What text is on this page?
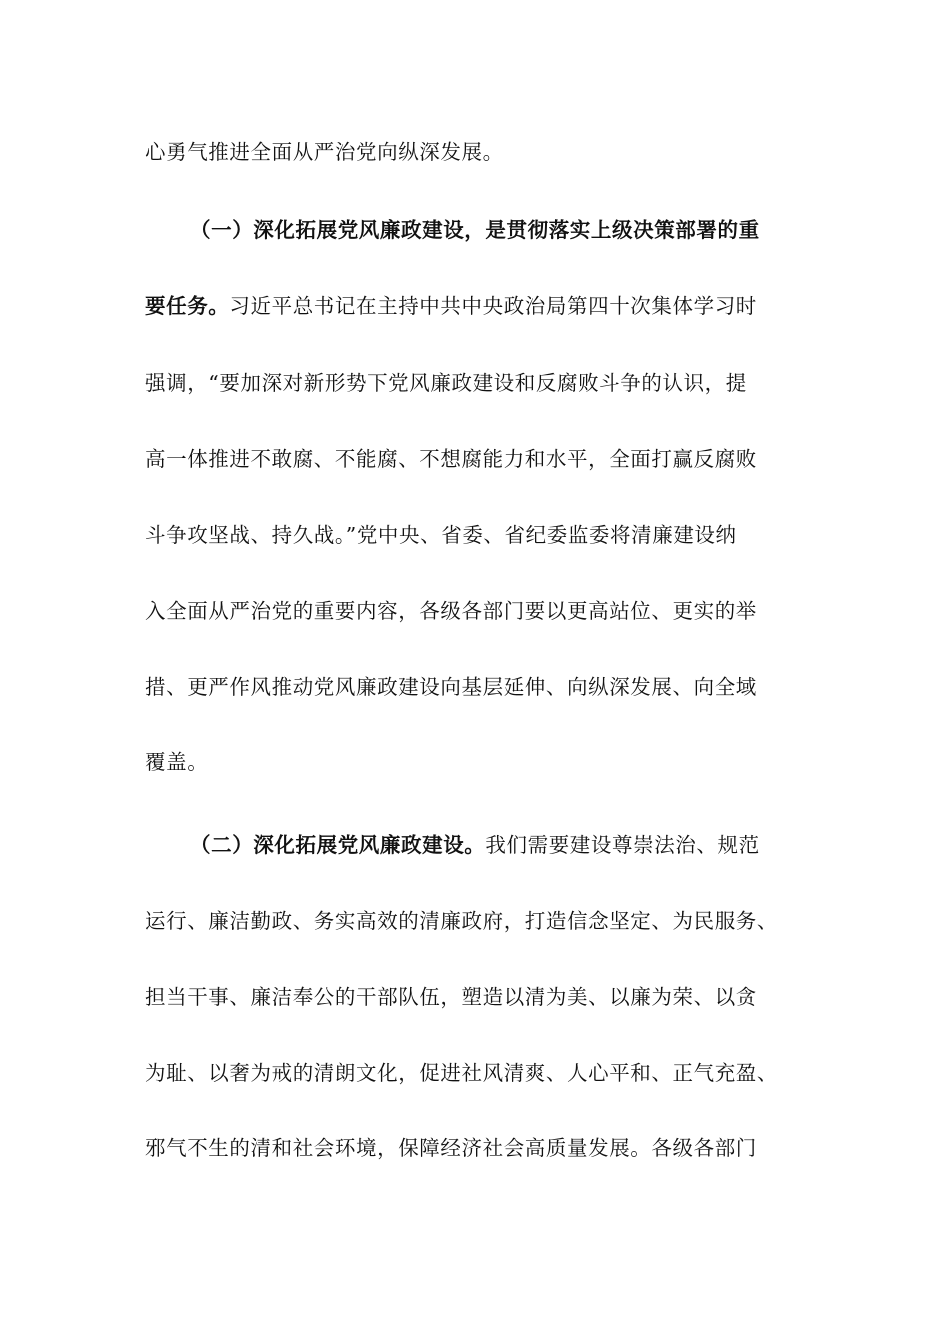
心勇气推进全面从严治党向纵深发展。
（一）深化拓展党风廉政建设，是贯彻落实上级决策部署的重
要任务。习近平总书记在主持中共中央政治局第四十次集体学习时
强调，“要加深对新形势下党风廉政建设和反腐败斗争的认识，提
高一体推进不敢腐、不能腐、不想腐能力和水平，全面打赢反腐败
斗争攻坚战、持久战。”党中央、省委、省纪委监委将清廉建设纳
入全面从严治党的重要内容，各级各部门要以更高站位、更实的举
措、更严作风推动党风廉政建设向基层延伸、向纵深发展、向全域
覆盖。
（二）深化拓展党风廉政建设。我们需要建设尊崇法治、规范
运行、廉洁勤政、务实高效的清廉政府，打造信念坚定、为民服务、
担当干事、廉洁奉公的干部队伍，塑造以清为美、以廉为荣、以贪
为耻、以奢为戒的清朗文化，促进社风清爽、人心平和、正气充盈、
邪气不生的清和社会环境，保障经济社会高质量发展。各级各部门
